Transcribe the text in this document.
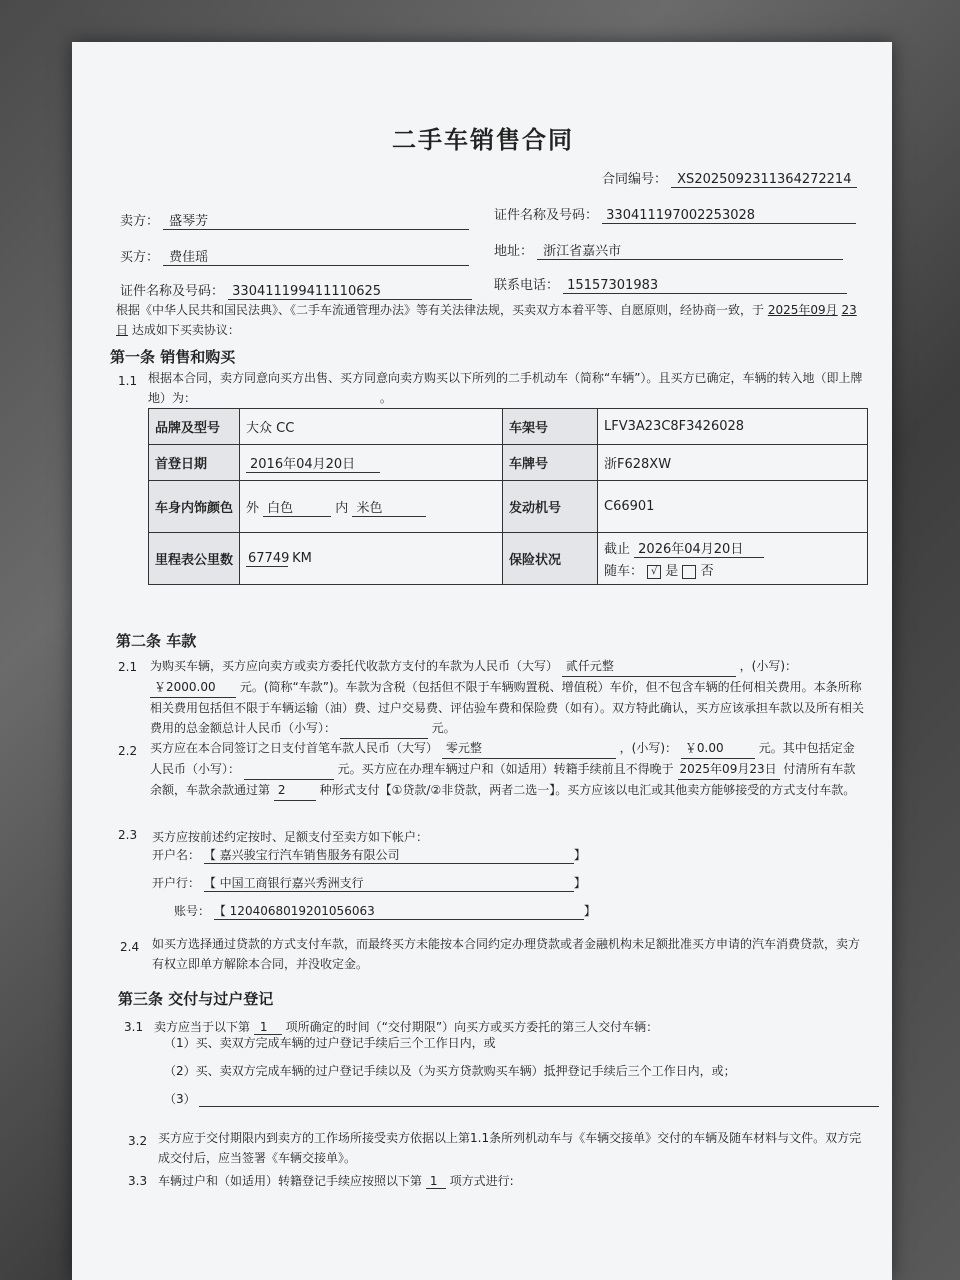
二手车销售合同
合同编号： XS2025092311364272214
卖方： 盛琴芳	证件名称及号码： 330411197002253028
买方： 费佳瑶	地址： 浙江省嘉兴市
证件名称及号码： 330411199411110625	联系电话： 15157301983
根据《中华人民共和国民法典》、《二手车流通管理办法》等有关法律法规，买卖双方本着平等、自愿原则，经协商一致，于 2025年09月 23日 达成如下买卖协议：
第一条 销售和购买
1.1 根据本合同，卖方同意向买方出售、买方同意向卖方购买以下所列的二手机动车（简称“车辆”）。且买方已确定，车辆的转入地（即上牌地）为：	。
品牌及型号	大众 CC	车架号	LFV3A23C8F3426028
首登日期	2016年04月20日	车牌号	浙F628XW
车身内饰颜色	外 白色 内 米色	发动机号	C66901
里程表公里数	67749 KM	保险状况	截止 2026年04月20日
随车： √ 是 否
第二条 车款
2.1 为购买车辆，买方应向卖方或卖方委托代收款方支付的车款为人民币（大写） 贰仟元整	，(小写)： ￥2000.00 元。(简称“车款”)。车款为含税（包括但不限于车辆购置税、增值税）车价，但不包含车辆的任何相关费用。本条所称相关费用包括但不限于车辆运输（油）费、过户交易费、评估验车费和保险费（如有）。双方特此确认，买方应该承担车款以及所有相关费用的总金额总计人民币（小写）：	元。
2.2 买方应在本合同签订之日支付首笔车款人民币（大写） 零元整	，(小写)： ￥0.00	元。其中包括定金人民币（小写）：	元。买方应在办理车辆过户和（如适用）转籍手续前且不得晚于 2025年09月23日 付清所有车款余额，车款余款通过第 2	种形式支付【①贷款/②非贷款，两者二选一】。买方应该以电汇或其他卖方能够接受的方式支付车款。
2.3 买方应按前述约定按时、足额支付至卖方如下帐户：
开户名： 【 嘉兴骏宝行汽车销售服务有限公司	】
开户行： 【 中国工商银行嘉兴秀洲支行	】
账号： 【 1204068019201056063	】
2.4 如买方选择通过贷款的方式支付车款，而最终买方未能按本合同约定办理贷款或者金融机构未足额批准买方申请的汽车消费贷款，卖方有权立即单方解除本合同，并没收定金。
第三条 交付与过户登记
3.1 卖方应当于以下第 1 项所确定的时间（“交付期限”）向买方或买方委托的第三人交付车辆：
（1）买、卖双方完成车辆的过户登记手续后三个工作日内，或
（2）买、卖双方完成车辆的过户登记手续以及（为买方贷款购买车辆）抵押登记手续后三个工作日内，或；
（3）
3.2 买方应于交付期限内到卖方的工作场所接受卖方依据以上第1.1条所列机动车与《车辆交接单》交付的车辆及随车材料与文件。双方完成交付后，应当签署《车辆交接单》。
3.3 车辆过户和（如适用）转籍登记手续应按照以下第 1 项方式进行:
